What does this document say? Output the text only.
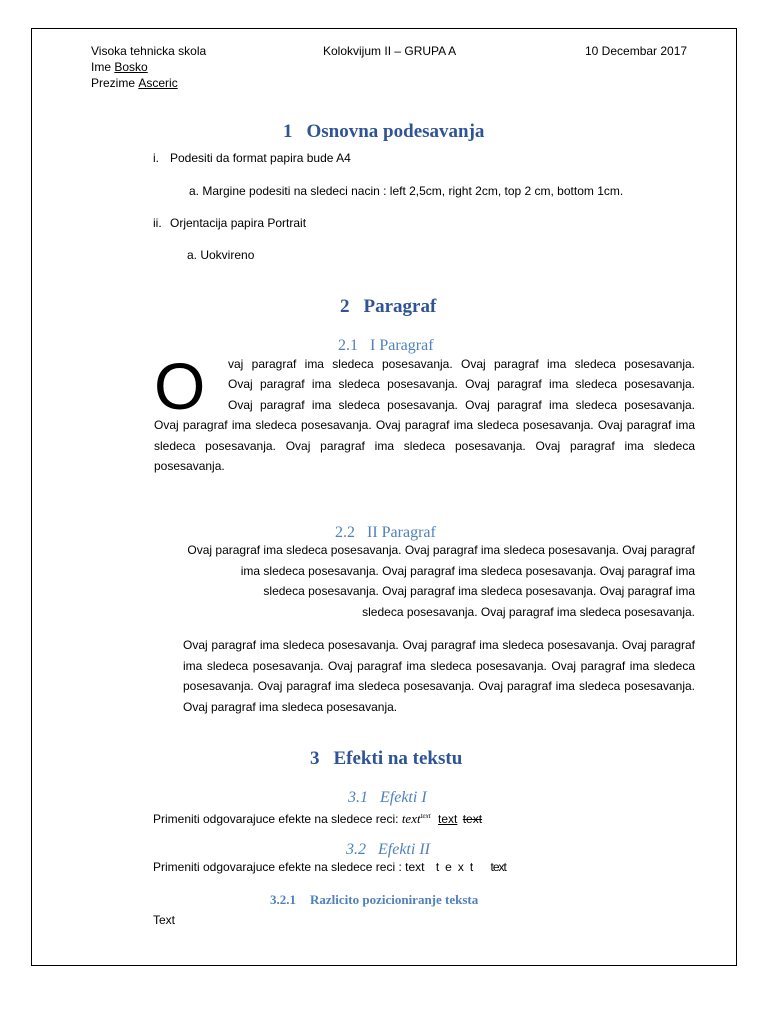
Visoka tehnicka skola
Ime Bosko
Prezime Asceric
Kolokvijum II – GRUPA A	10 Decembar 2017
1 Osnovna podesavanja
i. Podesiti da format papira bude A4
a. Margine podesiti na sledeci nacin : left 2,5cm, right 2cm, top 2 cm, bottom 1cm.
ii. Orjentacija papira Portrait
a. Uokvireno
2 Paragraf
2.1 I Paragraf
O vaj paragraf ima sledeca posesavanja. Ovaj paragraf ima sledeca posesavanja.
Ovaj paragraf ima sledeca posesavanja. Ovaj paragraf ima sledeca posesavanja.
Ovaj paragraf ima sledeca posesavanja. Ovaj paragraf ima sledeca posesavanja.
Ovaj paragraf ima sledeca posesavanja. Ovaj paragraf ima sledeca posesavanja. Ovaj paragraf ima sledeca posesavanja. Ovaj paragraf ima sledeca posesavanja. Ovaj paragraf ima sledeca posesavanja.
2.2 II Paragraf
Ovaj paragraf ima sledeca posesavanja. Ovaj paragraf ima sledeca posesavanja. Ovaj paragraf
ima sledeca posesavanja. Ovaj paragraf ima sledeca posesavanja. Ovaj paragraf ima
sledeca posesavanja. Ovaj paragraf ima sledeca posesavanja. Ovaj paragraf ima
sledeca posesavanja. Ovaj paragraf ima sledeca posesavanja.
Ovaj paragraf ima sledeca posesavanja. Ovaj paragraf ima sledeca posesavanja. Ovaj paragraf ima sledeca posesavanja. Ovaj paragraf ima sledeca posesavanja. Ovaj paragraf ima sledeca posesavanja. Ovaj paragraf ima sledeca posesavanja. Ovaj paragraf ima sledeca posesavanja. Ovaj paragraf ima sledeca posesavanja.
3 Efekti na tekstu
3.1 Efekti I
Primeniti odgovarajuce efekte na sledece reci: text$^{text}$ text text
3.2 Efekti II
Primeniti odgovarajuce efekte na sledece reci : text text text
3.2.1 Razlicito pozicioniranje teksta
Text
